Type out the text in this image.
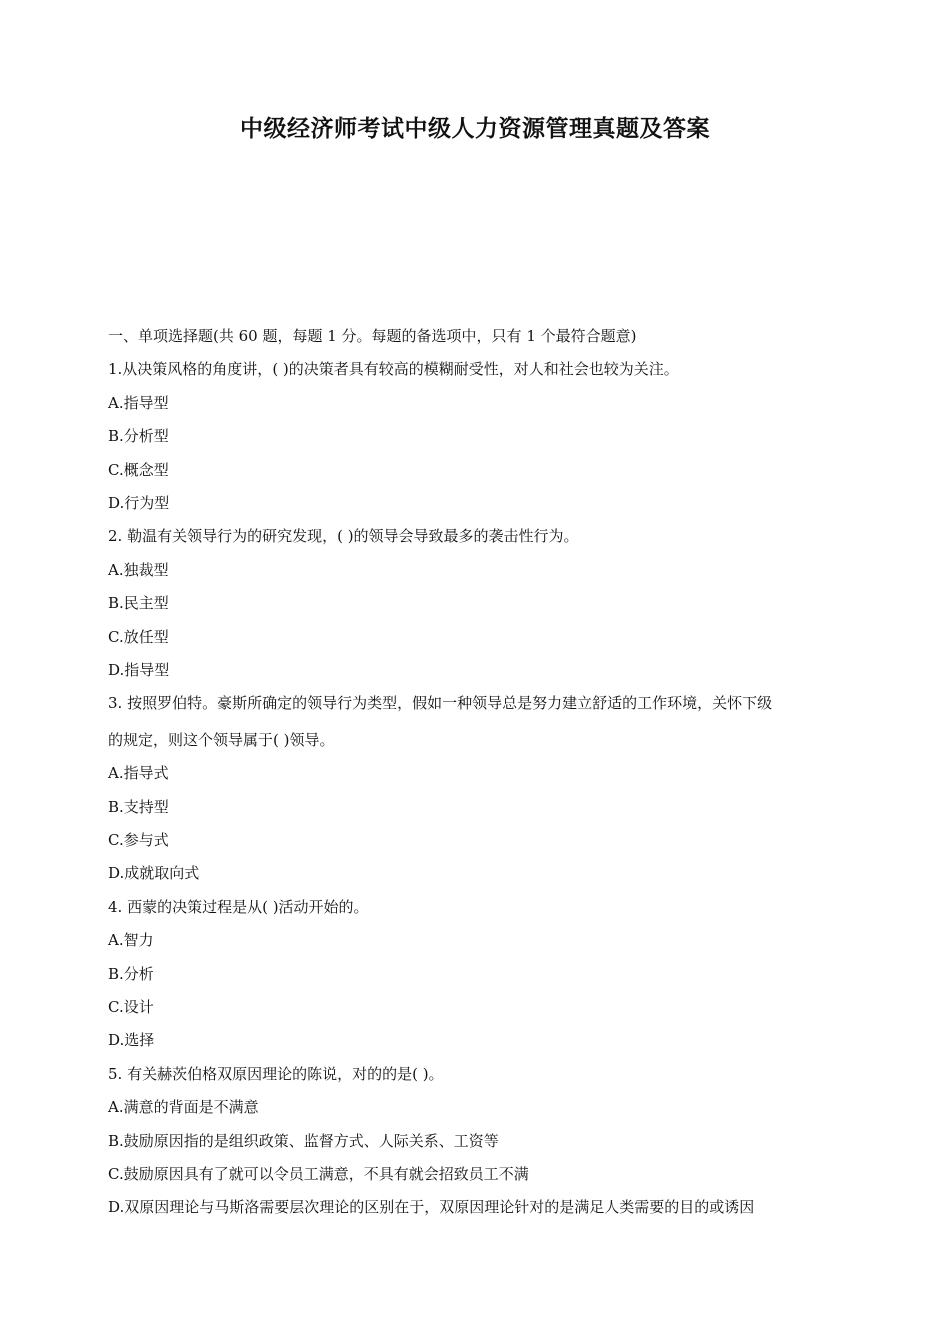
中级经济师考试中级人力资源管理真题及答案
一、单项选择题(共 60 题，每题 1 分。每题的备选项中，只有 1 个最符合题意)
1.从决策风格的角度讲，( )的决策者具有较高的模糊耐受性，对人和社会也较为关注。
A.指导型
B.分析型
C.概念型
D.行为型
2. 勒温有关领导行为的研究发现，( )的领导会导致最多的袭击性行为。
A.独裁型
B.民主型
C.放任型
D.指导型
3. 按照罗伯特。豪斯所确定的领导行为类型，假如一种领导总是努力建立舒适的工作环境，关怀下级
的规定，则这个领导属于( )领导。
A.指导式
B.支持型
C.参与式
D.成就取向式
4. 西蒙的决策过程是从( )活动开始的。
A.智力
B.分析
C.设计
D.选择
5. 有关赫茨伯格双原因理论的陈说，对的的是( )。
A.满意的背面是不满意
B.鼓励原因指的是组织政策、监督方式、人际关系、工资等
C.鼓励原因具有了就可以令员工满意，不具有就会招致员工不满
D.双原因理论与马斯洛需要层次理论的区别在于，双原因理论针对的是满足人类需要的目的或诱因
